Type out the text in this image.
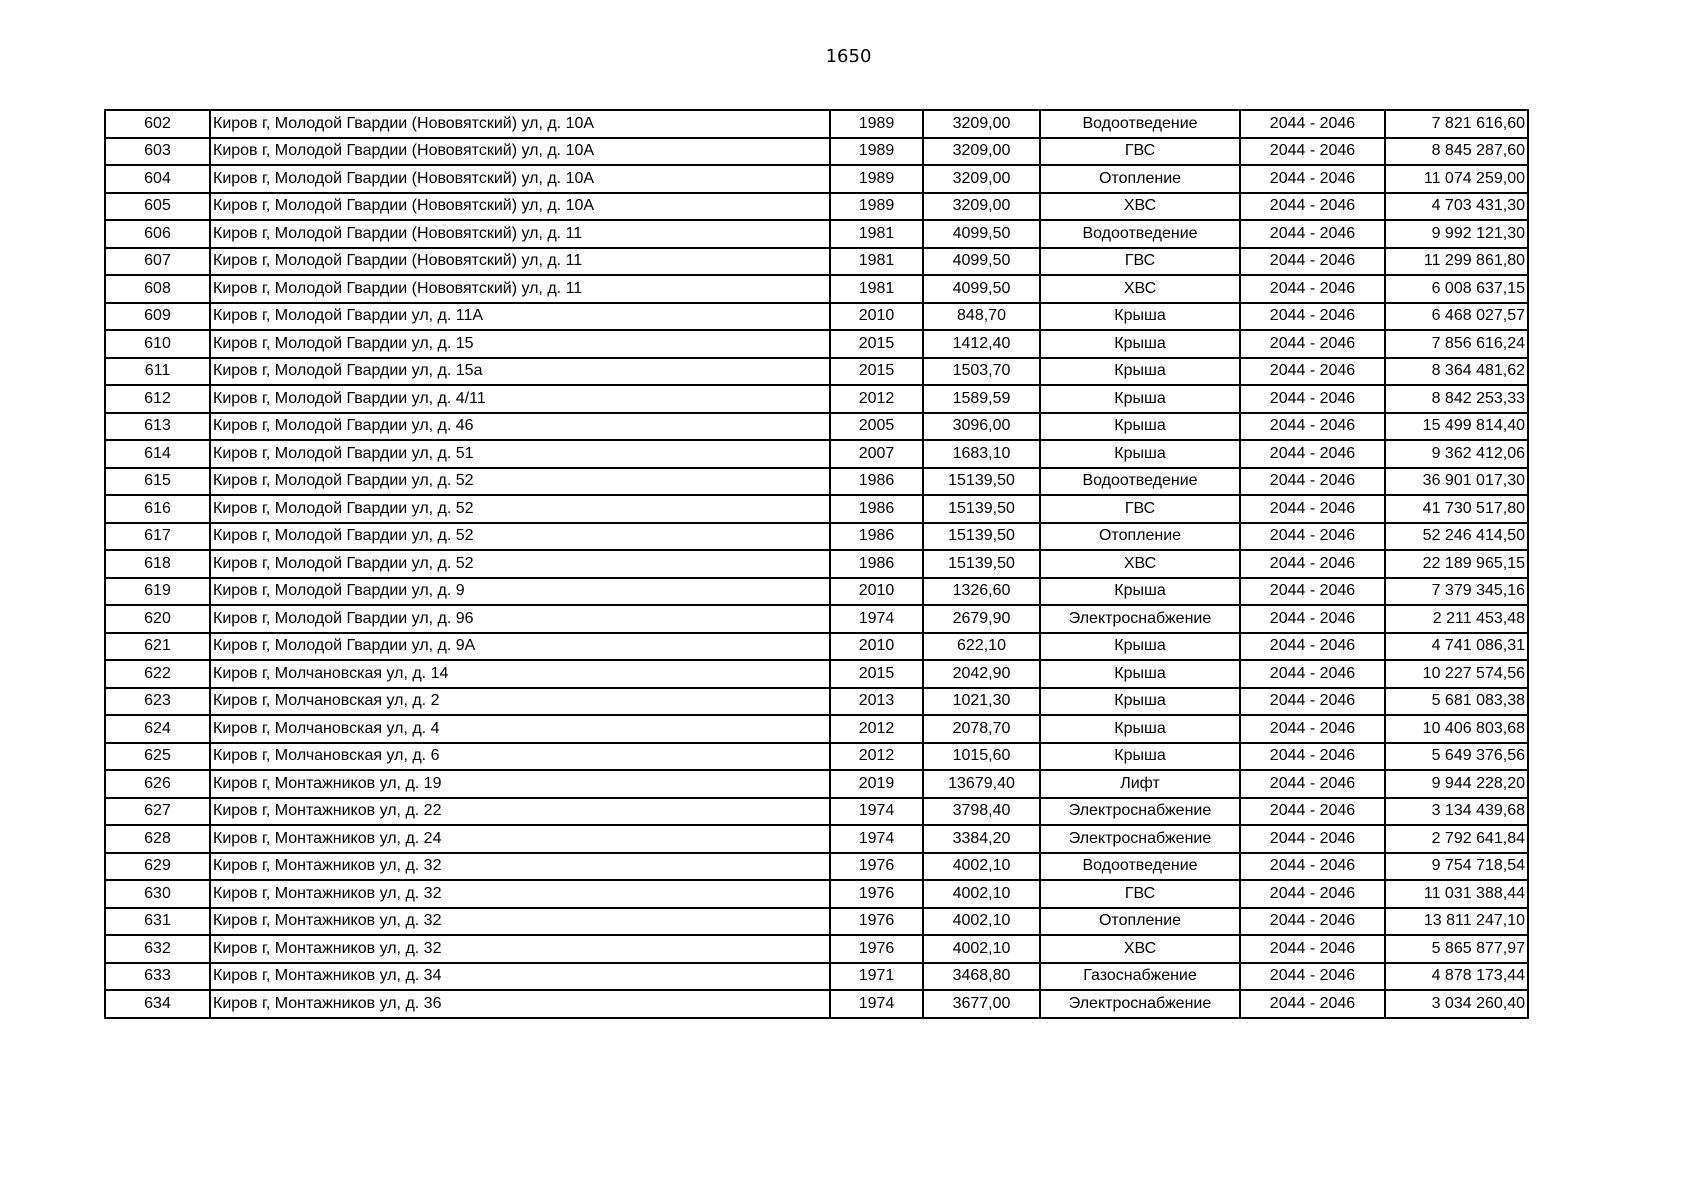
1650
602	Киров г, Молодой Гвардии (Нововятский) ул, д. 10А	1989	3209,00	Водоотведение	2044 - 2046	7 821 616,60
603	Киров г, Молодой Гвардии (Нововятский) ул, д. 10А	1989	3209,00	ГВС	2044 - 2046	8 845 287,60
604	Киров г, Молодой Гвардии (Нововятский) ул, д. 10А	1989	3209,00	Отопление	2044 - 2046	11 074 259,00
605	Киров г, Молодой Гвардии (Нововятский) ул, д. 10А	1989	3209,00	ХВС	2044 - 2046	4 703 431,30
606	Киров г, Молодой Гвардии (Нововятский) ул, д. 11	1981	4099,50	Водоотведение	2044 - 2046	9 992 121,30
607	Киров г, Молодой Гвардии (Нововятский) ул, д. 11	1981	4099,50	ГВС	2044 - 2046	11 299 861,80
608	Киров г, Молодой Гвардии (Нововятский) ул, д. 11	1981	4099,50	ХВС	2044 - 2046	6 008 637,15
609	Киров г, Молодой Гвардии ул, д. 11А	2010	848,70	Крыша	2044 - 2046	6 468 027,57
610	Киров г, Молодой Гвардии ул, д. 15	2015	1412,40	Крыша	2044 - 2046	7 856 616,24
611	Киров г, Молодой Гвардии ул, д. 15а	2015	1503,70	Крыша	2044 - 2046	8 364 481,62
612	Киров г, Молодой Гвардии ул, д. 4/11	2012	1589,59	Крыша	2044 - 2046	8 842 253,33
613	Киров г, Молодой Гвардии ул, д. 46	2005	3096,00	Крыша	2044 - 2046	15 499 814,40
614	Киров г, Молодой Гвардии ул, д. 51	2007	1683,10	Крыша	2044 - 2046	9 362 412,06
615	Киров г, Молодой Гвардии ул, д. 52	1986	15139,50	Водоотведение	2044 - 2046	36 901 017,30
616	Киров г, Молодой Гвардии ул, д. 52	1986	15139,50	ГВС	2044 - 2046	41 730 517,80
617	Киров г, Молодой Гвардии ул, д. 52	1986	15139,50	Отопление	2044 - 2046	52 246 414,50
618	Киров г, Молодой Гвардии ул, д. 52	1986	15139,50	ХВС	2044 - 2046	22 189 965,15
619	Киров г, Молодой Гвардии ул, д. 9	2010	1326,60	Крыша	2044 - 2046	7 379 345,16
620	Киров г, Молодой Гвардии ул, д. 96	1974	2679,90	Электроснабжение	2044 - 2046	2 211 453,48
621	Киров г, Молодой Гвардии ул, д. 9А	2010	622,10	Крыша	2044 - 2046	4 741 086,31
622	Киров г, Молчановская ул, д. 14	2015	2042,90	Крыша	2044 - 2046	10 227 574,56
623	Киров г, Молчановская ул, д. 2	2013	1021,30	Крыша	2044 - 2046	5 681 083,38
624	Киров г, Молчановская ул, д. 4	2012	2078,70	Крыша	2044 - 2046	10 406 803,68
625	Киров г, Молчановская ул, д. 6	2012	1015,60	Крыша	2044 - 2046	5 649 376,56
626	Киров г, Монтажников ул, д. 19	2019	13679,40	Лифт	2044 - 2046	9 944 228,20
627	Киров г, Монтажников ул, д. 22	1974	3798,40	Электроснабжение	2044 - 2046	3 134 439,68
628	Киров г, Монтажников ул, д. 24	1974	3384,20	Электроснабжение	2044 - 2046	2 792 641,84
629	Киров г, Монтажников ул, д. 32	1976	4002,10	Водоотведение	2044 - 2046	9 754 718,54
630	Киров г, Монтажников ул, д. 32	1976	4002,10	ГВС	2044 - 2046	11 031 388,44
631	Киров г, Монтажников ул, д. 32	1976	4002,10	Отопление	2044 - 2046	13 811 247,10
632	Киров г, Монтажников ул, д. 32	1976	4002,10	ХВС	2044 - 2046	5 865 877,97
633	Киров г, Монтажников ул, д. 34	1971	3468,80	Газоснабжение	2044 - 2046	4 878 173,44
634	Киров г, Монтажников ул, д. 36	1974	3677,00	Электроснабжение	2044 - 2046	3 034 260,40
